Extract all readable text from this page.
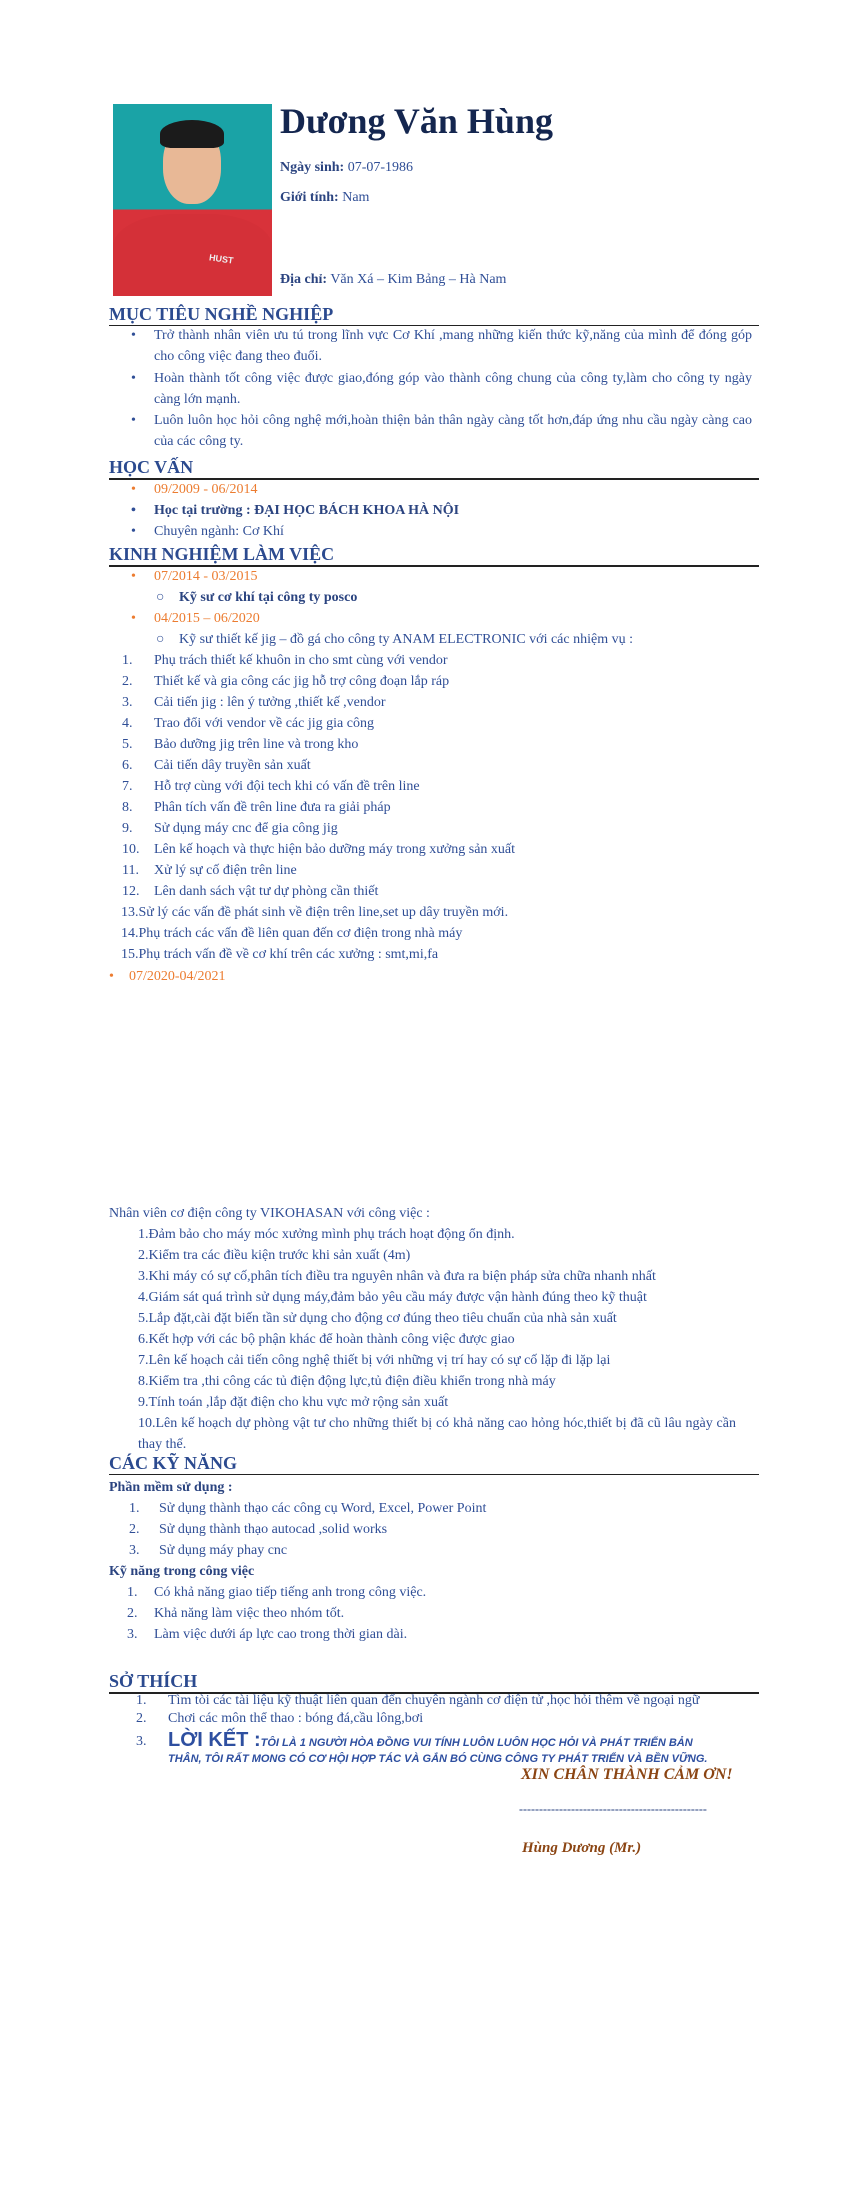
HUST
Dương Văn Hùng
Ngày sinh: 07-07-1986
Giới tính: Nam
Địa chỉ: Văn Xá – Kim Bảng – Hà Nam
MỤC TIÊU NGHỀ NGHIỆP
• Trở thành nhân viên ưu tú trong lĩnh vực Cơ Khí ,mang những kiến thức kỹ,năng của mình để đóng góp cho công việc đang theo đuổi.
• Hoàn thành tốt công việc được giao,đóng góp vào thành công chung của công ty,làm cho công ty ngày càng lớn mạnh.
• Luôn luôn học hỏi công nghệ mới,hoàn thiện bản thân ngày càng tốt hơn,đáp ứng nhu cầu ngày càng cao của các công ty.
HỌC VẤN
• 09/2009 - 06/2014
• Học tại trường : ĐẠI HỌC BÁCH KHOA HÀ NỘI
• Chuyên ngành: Cơ Khí
KINH NGHIỆM LÀM VIỆC
• 07/2014 - 03/2015
○ Kỹ sư cơ khí tại công ty posco
• 04/2015 – 06/2020
○ Kỹ sư thiết kế jig – đồ gá cho công ty ANAM ELECTRONIC với các nhiệm vụ :
Phụ trách thiết kế khuôn in cho smt cùng với vendor
1.
Thiết kế và gia công các jig hỗ trợ công đoạn lắp ráp
2.
Cải tiến jig : lên ý tưởng ,thiết kế ,vendor
3.
Trao đổi với vendor về các jig gia công
4.
Bảo dưỡng jig trên line và trong kho
5.
Cải tiến dây truyền sản xuất
6.
Hỗ trợ cùng với đội tech khi có vấn đề trên line
7.
Phân tích vấn đề trên line đưa ra giải pháp
8.
Sử dụng máy cnc để gia công jig
9.
Lên kế hoạch và thực hiện bảo dưỡng máy trong xưởng sản xuất
10.
Xử lý sự cố điện trên line
11.
Lên danh sách vật tư dự phòng cần thiết
12.
13.Sử lý các vấn đề phát sinh về điện trên line,set up dây truyền mới.
14.Phụ trách các vấn đề liên quan đến cơ điện trong nhà máy
15.Phụ trách vấn đề về cơ khí trên các xưởng : smt,mi,fa
• 07/2020-04/2021
Nhân viên cơ điện công ty VIKOHASAN với công việc :
1.Đảm bảo cho máy móc xưởng mình phụ trách hoạt động ổn định.
2.Kiểm tra các điều kiện trước khi sản xuất (4m)
3.Khi máy có sự cố,phân tích điều tra nguyên nhân và đưa ra biện pháp sửa chữa nhanh nhất
4.Giám sát quá trình sử dụng máy,đảm bảo yêu cầu máy được vận hành đúng theo kỹ thuật
5.Lắp đặt,cài đặt biến tần sử dụng cho động cơ đúng theo tiêu chuẩn của nhà sản xuất
6.Kết hợp với các bộ phận khác để hoàn thành công việc được giao
7.Lên kế hoạch cải tiến công nghệ thiết bị với những vị trí hay có sự cố lặp đi lặp lại
8.Kiểm tra ,thi công các tủ điện động lực,tủ điện điều khiển trong nhà máy
9.Tính toán ,lắp đặt điện cho khu vực mở rộng sản xuất
10.Lên kế hoạch dự phòng vật tư cho những thiết bị có khả năng cao hỏng hóc,thiết bị đã cũ lâu ngày cần thay thế.
CÁC KỸ NĂNG
Phần mềm sử dụng :
1. Sử dụng thành thạo các công cụ Word, Excel, Power Point
2. Sử dụng thành thạo autocad ,solid works
3. Sử dụng máy phay cnc
Kỹ năng trong công việc
1. Có khả năng giao tiếp tiếng anh trong công việc.
2. Khả năng làm việc theo nhóm tốt.
3. Làm việc dưới áp lực cao trong thời gian dài.
SỞ THÍCH
1. Tìm tòi các tài liệu kỹ thuật liên quan đến chuyên ngành cơ điện tử ,học hỏi thêm về ngoại ngữ
2. Chơi các môn thể thao : bóng đá,cầu lông,bơi
3. LỜI KẾT :TÔI LÀ 1 NGƯỜI HÒA ĐỒNG VUI TÍNH LUÔN LUÔN HỌC HỎI VÀ PHÁT TRIỂN BẢN THÂN, TÔI RẤT MONG CÓ CƠ HỘI HỢP TÁC VÀ GẮN BÓ CÙNG CÔNG TY PHÁT TRIỂN VÀ BỀN VỮNG.
XIN CHÂN THÀNH CẢM ƠN!
-----------------------------------------------
Hùng Dương (Mr.)
